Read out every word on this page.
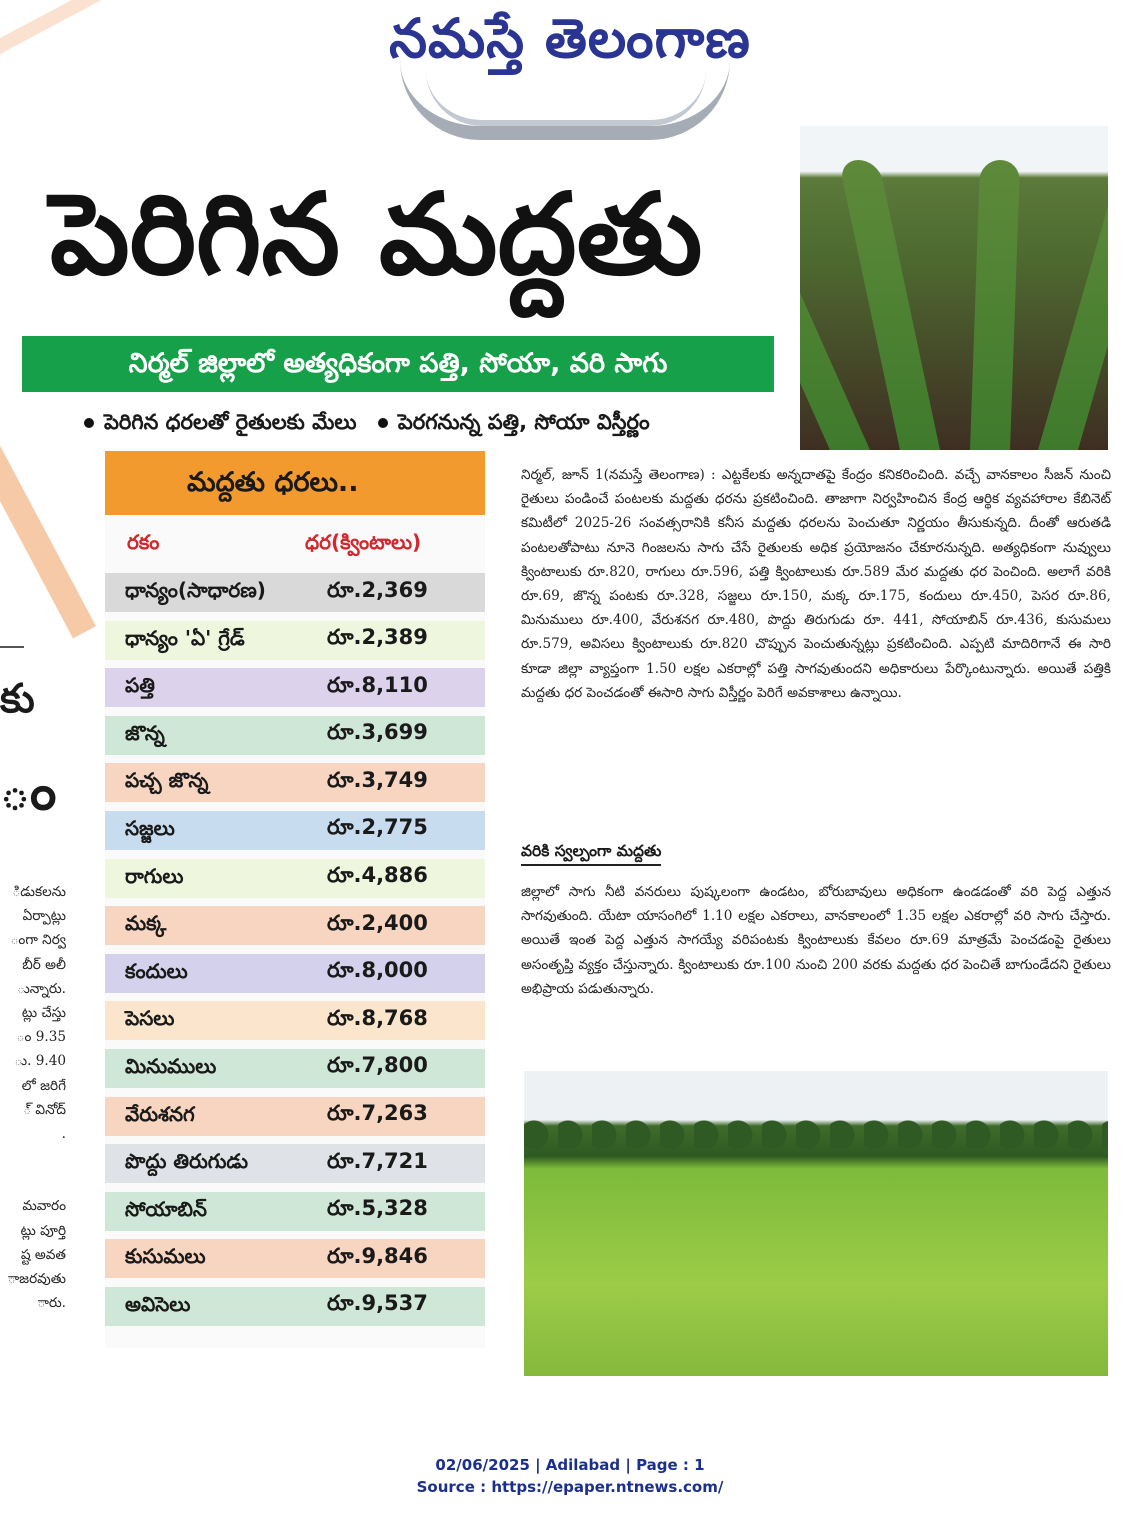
నమస్తే తెలంగాణ
పెరిగిన మద్దతు
నిర్మల్ జిల్లాలో అత్యధికంగా పత్తి, సోయా, వరి సాగు
పెరిగిన ధరలతో రైతులకు మేలు పెరగనున్న పత్తి, సోయా విస్తీర్ణం
కు
ం
ిడుకలను
ఏర్పాట్లు
ంగా నిర్వ
బీర్ అలీ
ున్నారు.
ట్లు చేస్తు
ం 9.35
ు. 9.40
లో జరిగే
్ వినోద్
.
మవారం
ట్లు పూర్తి
ష్ట అవత
ాజరవుతు
ారు.
మద్దతు ధరలు..
రకం	ధర(క్వింటాలు)
ధాన్యం(సాధారణ)	రూ.2,369
ధాన్యం 'ఏ' గ్రేడ్	రూ.2,389
పత్తి	రూ.8,110
జొన్న	రూ.3,699
పచ్చ జొన్న	రూ.3,749
సజ్జలు	రూ.2,775
రాగులు	రూ.4,886
మక్క	రూ.2,400
కందులు	రూ.8,000
పెసలు	రూ.8,768
మినుములు	రూ.7,800
వేరుశనగ	రూ.7,263
పొద్దు తిరుగుడు	రూ.7,721
సోయాబిన్	రూ.5,328
కుసుమలు	రూ.9,846
అవిసెలు	రూ.9,537
నిర్మల్, జూన్ 1(నమస్తే తెలంగాణ) : ఎట్టకేలకు అన్నదాతపై కేంద్రం కనికరించింది. వచ్చే వానకాలం సీజన్ నుంచి రైతులు పండించే పంటలకు మద్దతు ధరను ప్రకటించింది. తాజాగా నిర్వహించిన కేంద్ర ఆర్థిక వ్యవహారాల కేబినెట్ కమిటీలో 2025-26 సంవత్సరానికి కనీస మద్దతు ధరలను పెంచుతూ నిర్ణయం తీసుకున్నది. దీంతో ఆరుతడి పంటలతోపాటు నూనె గింజలను సాగు చేసే రైతులకు అధిక ప్రయోజనం చేకూరనున్నది. అత్యధికంగా నువ్వులు క్వింటాలుకు రూ.820, రాగులు రూ.596, పత్తి క్వింటాలుకు రూ.589 మేర మద్దతు ధర పెంచింది. అలాగే వరికి రూ.69, జొన్న పంటకు రూ.328, సజ్జలు రూ.150, మక్క రూ.175, కందులు రూ.450, పెసర రూ.86, మినుములు రూ.400, వేరుశనగ రూ.480, పొద్దు తిరుగుడు రూ. 441, సోయాబిన్ రూ.436, కుసుమలు రూ.579, అవిసలు క్వింటాలుకు రూ.820 చొప్పున పెంచుతున్నట్లు ప్రకటించింది. ఎప్పటి మాదిరిగానే ఈ సారి కూడా జిల్లా వ్యాప్తంగా 1.50 లక్షల ఎకరాల్లో పత్తి సాగవుతుందని అధికారులు పేర్కొంటున్నారు. అయితే పత్తికి మద్దతు ధర పెంచడంతో ఈసారి సాగు విస్తీర్ణం పెరిగే అవకాశాలు ఉన్నాయి.
వరికి స్వల్పంగా మద్దతు
జిల్లాలో సాగు నీటి వనరులు పుష్కలంగా ఉండటం, బోరుబావులు అధికంగా ఉండడంతో వరి పెద్ద ఎత్తున సాగవుతుంది. యేటా యాసంగిలో 1.10 లక్షల ఎకరాలు, వానకాలంలో 1.35 లక్షల ఎకరాల్లో వరి సాగు చేస్తారు. అయితే ఇంత పెద్ద ఎత్తున సాగయ్యే వరిపంటకు క్వింటాలుకు కేవలం రూ.69 మాత్రమే పెంచడంపై రైతులు అసంతృప్తి వ్యక్తం చేస్తున్నారు. క్వింటాలుకు రూ.100 నుంచి 200 వరకు మద్దతు ధర పెంచితే బాగుండేదని రైతులు అభిప్రాయ పడుతున్నారు.
02/06/2025 | Adilabad | Page : 1
Source : https://epaper.ntnews.com/
